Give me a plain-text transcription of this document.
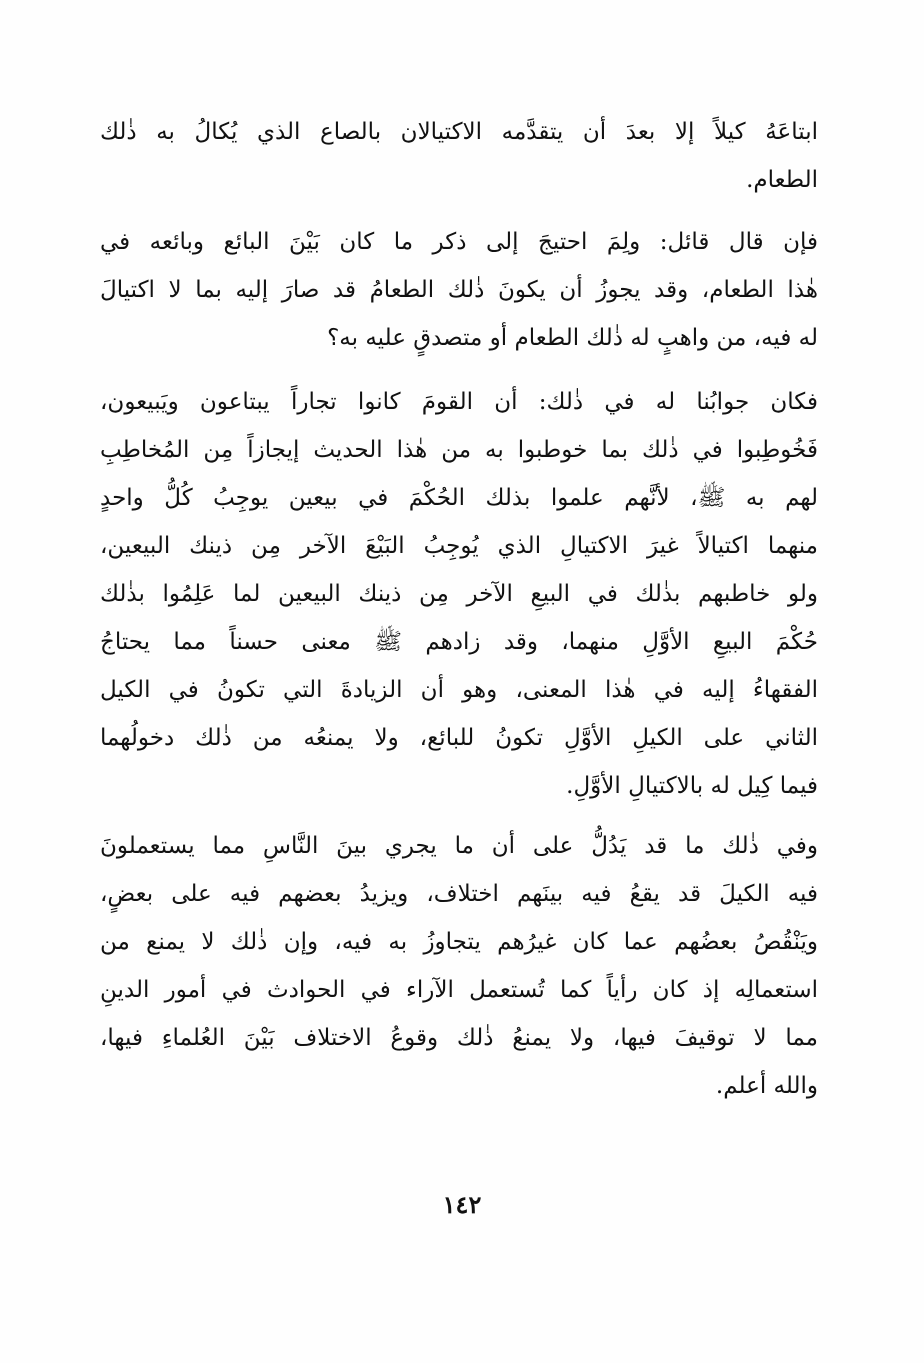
ابتاعَهُ كيلاً إلا بعدَ أن يتقدَّمه الاكتيالان بالصاع الذي يُكالُ به ذٰلك
الطعام.
فإن قال قائل: ولِمَ احتيجَ إلى ذكر ما كان بَيْنَ البائع وبائعه في
هٰذا الطعام، وقد يجوزُ أن يكونَ ذٰلك الطعامُ قد صارَ إليه بما لا اكتيالَ
له فيه، من واهبٍ له ذٰلك الطعام أو متصدقٍ عليه به؟
فكان جوابُنا له في ذٰلك: أن القومَ كانوا تجاراً يبتاعون ويَبيعون،
فَخُوطِبوا في ذٰلك بما خوطبوا به من هٰذا الحديث إيجازاً مِن المُخاطِبِ
لهم به ﷺ، لأنَّهم علموا بذلك الحُكْمَ في بيعين يوجِبُ كُلُّ واحدٍ
منهما اكتيالاً غيرَ الاكتيالِ الذي يُوجِبُ البَيْعَ الآخر مِن ذينك البيعين،
ولو خاطبهم بذٰلك في البيعِ الآخر مِن ذينك البيعين لما عَلِمُوا بذٰلك
حُكْمَ البيعِ الأوَّلِ منهما، وقد زادهم ﷺ معنى حسناً مما يحتاجُ
الفقهاءُ إليه في هٰذا المعنى، وهو أن الزيادةَ التي تكونُ في الكيل
الثاني على الكيلِ الأوَّلِ تكونُ للبائع، ولا يمنعُه من ذٰلك دخولُهما
فيما كِيل له بالاكتيالِ الأوَّلِ.
وفي ذٰلك ما قد يَدُلُّ على أن ما يجري بينَ النَّاسِ مما يستعملونَ
فيه الكيلَ قد يقعُ فيه بينَهم اختلاف، ويزيدُ بعضهم فيه على بعضٍ،
ويَنْقُصُ بعضُهم عما كان غيرُهم يتجاوزُ به فيه، وإن ذٰلك لا يمنع من
استعمالِه إذ كان رأياً كما تُستعمل الآراء في الحوادث في أمور الدينِ
مما لا توقيفَ فيها، ولا يمنعُ ذٰلك وقوعُ الاختلاف بَيْنَ العُلماءِ فيها،
والله أعلم.
١٤٢
